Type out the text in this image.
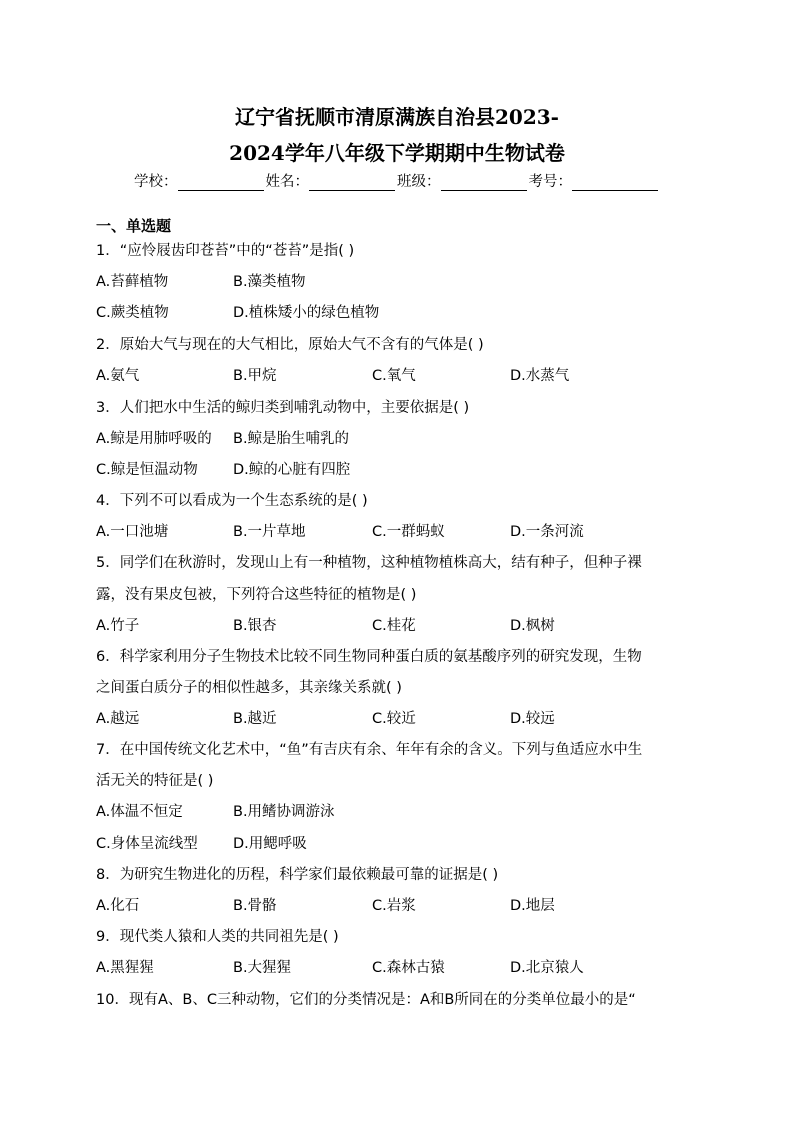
辽宁省抚顺市清原满族自治县2023-
2024学年八年级下学期期中生物试卷
学校：	姓名：	班级：	考号：
一、单选题
1．“应怜屐齿印苍苔”中的“苍苔”是指( )
A.苔藓植物	B.藻类植物
C.蕨类植物	D.植株矮小的绿色植物
2．原始大气与现在的大气相比，原始大气不含有的气体是( )
A.氨气	B.甲烷	C.氧气	D.水蒸气
3．人们把水中生活的鲸归类到哺乳动物中，主要依据是( )
A.鲸是用肺呼吸的 B.鲸是胎生哺乳的
C.鲸是恒温动物 D.鲸的心脏有四腔
4．下列不可以看成为一个生态系统的是( )
A.一口池塘	B.一片草地	C.一群蚂蚁	D.一条河流
5．同学们在秋游时，发现山上有一种植物，这种植物植株高大，结有种子，但种子裸
露，没有果皮包被，下列符合这些特征的植物是( )
A.竹子	B.银杏	C.桂花	D.枫树
6．科学家利用分子生物技术比较不同生物同种蛋白质的氨基酸序列的研究发现，生物
之间蛋白质分子的相似性越多，其亲缘关系就( )
A.越远	B.越近	C.较近	D.较远
7．在中国传统文化艺术中，“鱼”有吉庆有余、年年有余的含义。下列与鱼适应水中生
活无关的特征是( )
A.体温不恒定	B.用鳍协调游泳
C.身体呈流线型 D.用鳃呼吸
8．为研究生物进化的历程，科学家们最依赖最可靠的证据是( )
A.化石	B.骨骼	C.岩浆	D.地层
9．现代类人猿和人类的共同祖先是( )
A.黑猩猩	B.大猩猩	C.森林古猿	D.北京猿人
10．现有A、B、C三种动物，它们的分类情况是：A和B所同在的分类单位最小的是“
